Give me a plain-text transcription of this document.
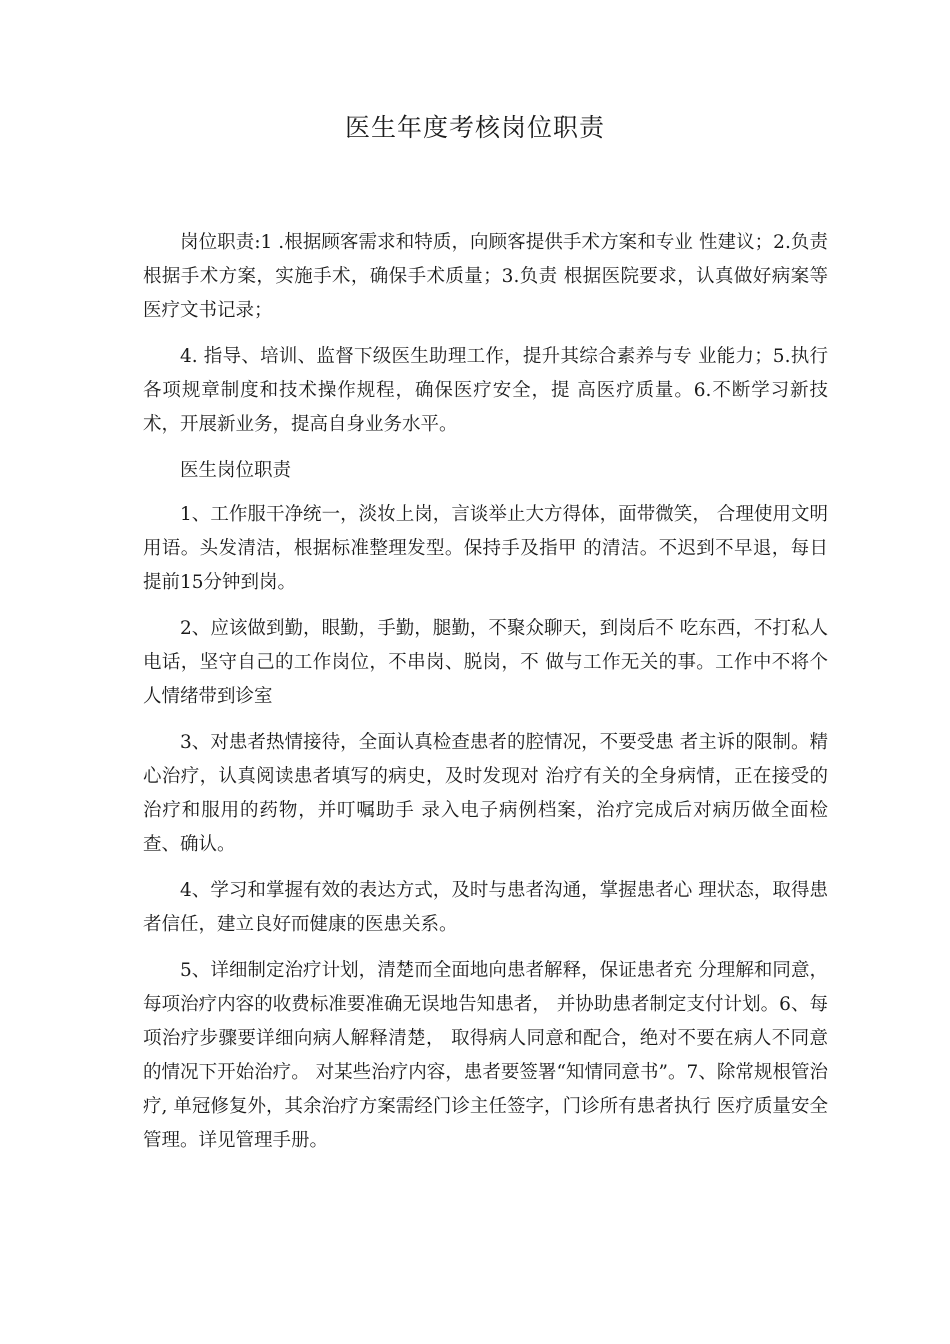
医生年度考核岗位职责

岗位职责:1 .根据顾客需求和特质，向顾客提供手术方案和专业 性建议；2.负责根据手术方案，实施手术，确保手术质量；3.负责 根据医院要求，认真做好病案等医疗文书记录；

4. 指导、培训、监督下级医生助理工作，提升其综合素养与专 业能力；5.执行各项规章制度和技术操作规程，确保医疗安全，提 高医疗质量。6.不断学习新技术，开展新业务，提高自身业务水平。

医生岗位职责

1、工作服干净统一，淡妆上岗，言谈举止大方得体，面带微笑， 合理使用文明用语。头发清洁，根据标准整理发型。保持手及指甲 的清洁。不迟到不早退，每日提前15分钟到岗。

2、应该做到勤，眼勤，手勤，腿勤，不聚众聊天，到岗后不 吃东西，不打私人电话，坚守自己的工作岗位，不串岗、脱岗，不 做与工作无关的事。工作中不将个人情绪带到诊室

3、对患者热情接待，全面认真检查患者的腔情况，不要受患 者主诉的限制。精心治疗，认真阅读患者填写的病史，及时发现对 治疗有关的全身病情，正在接受的治疗和服用的药物，并叮嘱助手 录入电子病例档案，治疗完成后对病历做全面检查、确认。

4、学习和掌握有效的表达方式，及时与患者沟通，掌握患者心 理状态，取得患者信任，建立良好而健康的医患关系。

5、详细制定治疗计划，清楚而全面地向患者解释，保证患者充 分理解和同意，每项治疗内容的收费标准要准确无误地告知患者， 并协助患者制定支付计划。6、每项治疗步骤要详细向病人解释清楚， 取得病人同意和配合，绝对不要在病人不同意的情况下开始治疗。 对某些治疗内容，患者要签署“知情同意书”。7、除常规根管治疗, 单冠修复外，其余治疗方案需经门诊主任签字，门诊所有患者执行 医疗质量安全管理。详见管理手册。
